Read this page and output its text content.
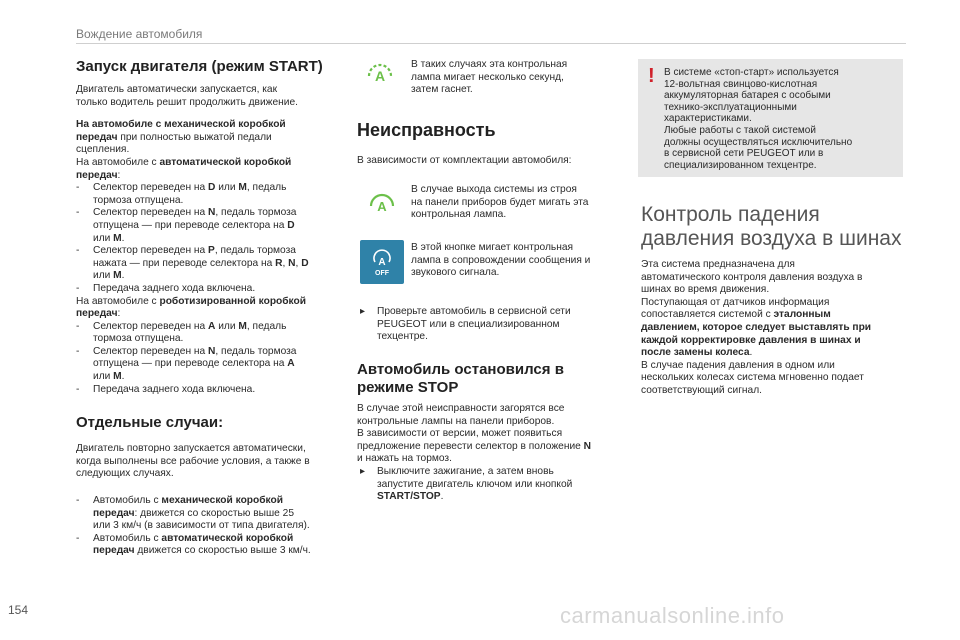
Вождение автомобиля
Запуск двигателя (режим START)
Двигатель автоматически запускается, как
только водитель решит продолжить движение.
На автомобиле с механической коробкой
передач при полностью выжатой педали
сцепления.
На автомобиле с автоматической коробкой
передач:
- Селектор переведен на D или M, педаль
тормоза отпущена.
- Селектор переведен на N, педаль тормоза
отпущена — при переводе селектора на D
или M.
- Селектор переведен на P, педаль тормоза
нажата — при переводе селектора на R, N, D
или M.
- Передача заднего хода включена.
На автомобиле с роботизированной коробкой
передач:
- Селектор переведен на A или M, педаль
тормоза отпущена.
- Селектор переведен на N, педаль тормоза
отпущена — при переводе селектора на A
или M.
- Передача заднего хода включена.
Отдельные случаи:
Двигатель повторно запускается автоматически,
когда выполнены все рабочие условия, а также в
следующих случаях.
- Автомобиль с механической коробкой
передач: движется со скоростью выше 25
или 3 км/ч (в зависимости от типа двигателя).
- Автомобиль с автоматической коробкой
передач движется со скоростью выше 3 км/ч.
A
В таких случаях эта контрольная
лампа мигает несколько секунд,
затем гаснет.
Неисправность
В зависимости от комплектации автомобиля:
A
В случае выхода системы из строя
на панели приборов будет мигать эта
контрольная лампа.
A
OFF
В этой кнопке мигает контрольная
лампа в сопровождении сообщения и
звукового сигнала.
▸ Проверьте автомобиль в сервисной сети
PEUGEOT или в специализированном
техцентре.
Автомобиль остановился в
режиме STOP
В случае этой неисправности загорятся все
контрольные лампы на панели приборов.
В зависимости от версии, может появиться
предложение перевести селектор в положение N
и нажать на тормоз.
▸ Выключите зажигание, а затем вновь
запустите двигатель ключом или кнопкой
START/STOP.
! В системе «стоп-старт» используется
12-вольтная свинцово-кислотная
аккумуляторная батарея с особыми
техникo-эксплуатационными
характеристиками.
Любые работы с такой системой
должны осуществляться исключительно
в сервисной сети PEUGEOT или в
специализированном техцентре.
Контроль падения
давления воздуха в шинах
Эта система предназначена для
автоматического контроля давления воздуха в
шинах во время движения.
Поступающая от датчиков информация
сопоставляется системой с эталонным
давлением, которое следует выставлять при
каждой корректировке давления в шинах и
после замены колеса.
В случае падения давления в одном или
нескольких колесах система мгновенно подает
соответствующий сигнал.
154	carmanualsonline.info
